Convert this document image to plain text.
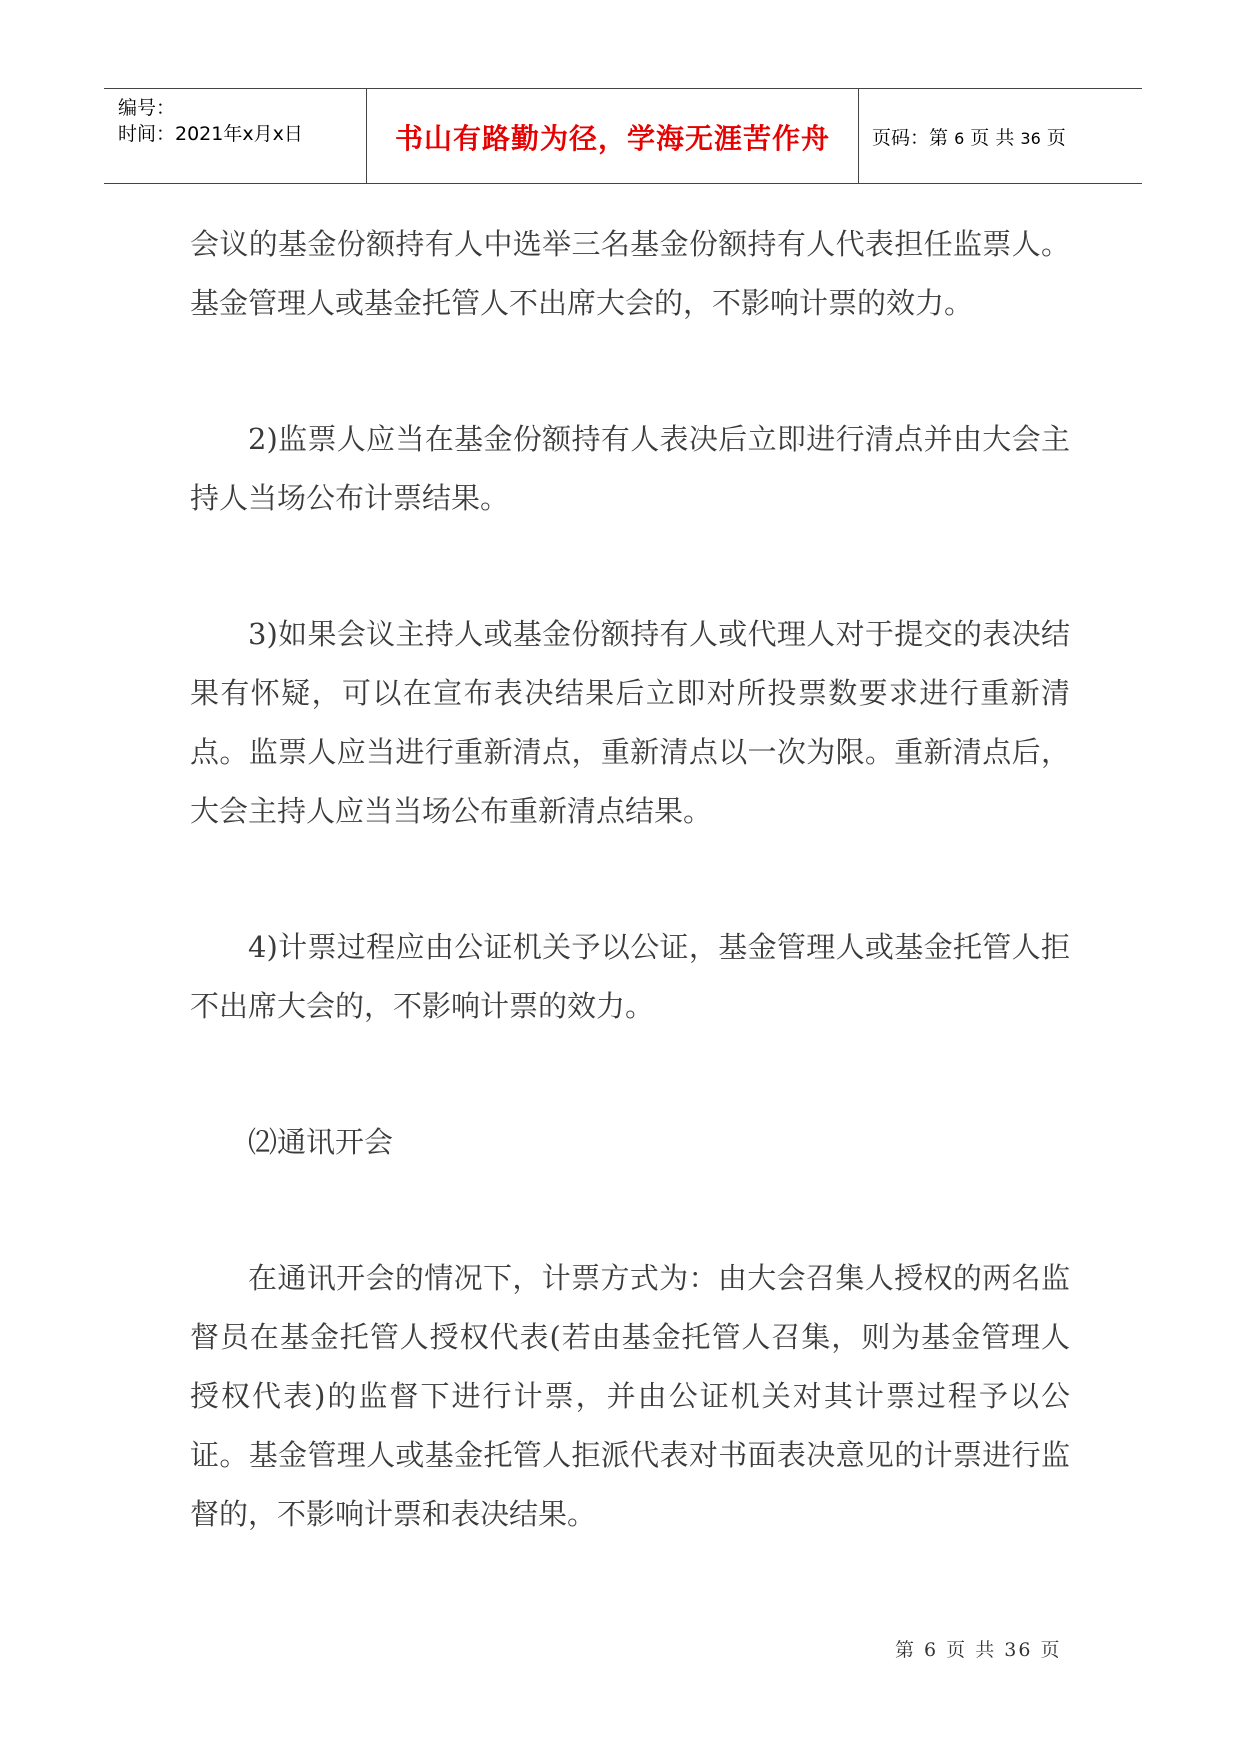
编号：
时间：2021年x月x日	书山有路勤为径，学海无涯苦作舟	页码：第 6 页 共 36 页

会议的基金份额持有人中选举三名基金份额持有人代表担任监票人。基金管理人或基金托管人不出席大会的，不影响计票的效力。

2)监票人应当在基金份额持有人表决后立即进行清点并由大会主持人当场公布计票结果。

3)如果会议主持人或基金份额持有人或代理人对于提交的表决结果有怀疑，可以在宣布表决结果后立即对所投票数要求进行重新清点。监票人应当进行重新清点，重新清点以一次为限。重新清点后，大会主持人应当当场公布重新清点结果。

4)计票过程应由公证机关予以公证，基金管理人或基金托管人拒不出席大会的，不影响计票的效力。

⑵通讯开会

在通讯开会的情况下，计票方式为：由大会召集人授权的两名监督员在基金托管人授权代表(若由基金托管人召集，则为基金管理人授权代表)的监督下进行计票，并由公证机关对其计票过程予以公证。基金管理人或基金托管人拒派代表对书面表决意见的计票进行监督的，不影响计票和表决结果。

第 6 页 共 36 页
